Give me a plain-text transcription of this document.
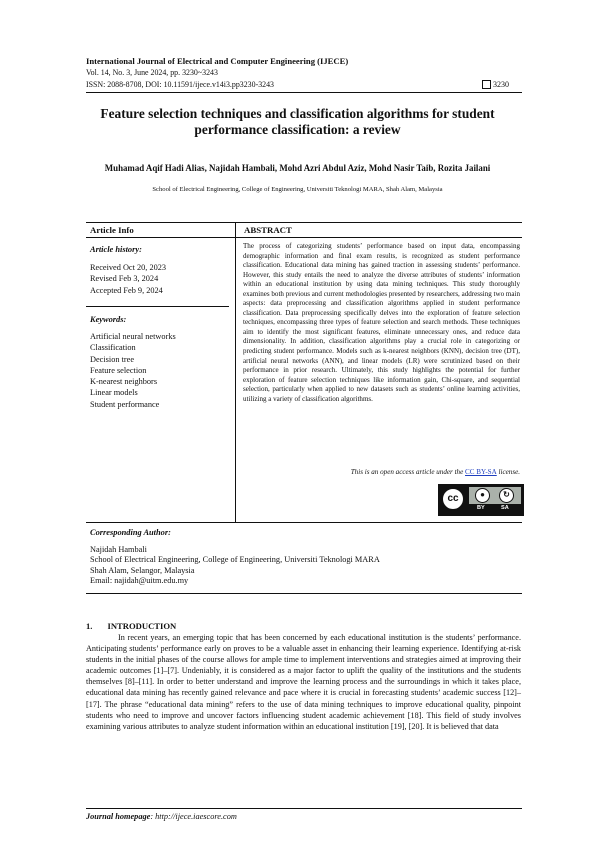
International Journal of Electrical and Computer Engineering (IJECE)
Vol. 14, No. 3, June 2024, pp. 3230~3243
ISSN: 2088-8708, DOI: 10.11591/ijece.v14i3.pp3230-3243	3230
Feature selection techniques and classification algorithms for student performance classification: a review
Muhamad Aqif Hadi Alias, Najidah Hambali, Mohd Azri Abdul Aziz, Mohd Nasir Taib, Rozita Jailani
School of Electrical Engineering, College of Engineering, Universiti Teknologi MARA, Shah Alam, Malaysia
Article Info	ABSTRACT
Article history:
Received Oct 20, 2023
Revised Feb 3, 2024
Accepted Feb 9, 2024
Keywords:
Artificial neural networks
Classification
Decision tree
Feature selection
K-nearest neighbors
Linear models
Student performance

The process of categorizing students’ performance based on input data, encompassing demographic information and final exam results, is recognized as student performance classification. Educational data mining has gained traction in assessing students’ performance. However, this study entails the need to analyze the diverse attributes of students’ information within an educational institution by using data mining techniques. This study thoroughly examines both previous and current methodologies presented by researchers, addressing two main aspects: data preprocessing and classification algorithms applied in student performance classification. Data preprocessing specifically delves into the exploration of feature selection techniques, encompassing three types of feature selection and search methods. These techniques aim to identify the most significant features, eliminate unnecessary ones, and reduce data dimensionality. In addition, classification algorithms play a crucial role in categorizing or predicting student performance. Models such as k-nearest neighbors (KNN), decision tree (DT), artificial neural networks (ANN), and linear models (LR) were scrutinized based on their performance in prior research. Ultimately, this study highlights the potential for further exploration of feature selection techniques like information gain, Chi-square, and sequential selection, particularly when applied to new datasets such as students’ online learning activities, utilizing a variety of classification algorithms.

This is an open access article under the CC BY-SA license.
cc	●	↻
BY	SA
Corresponding Author:
Najidah Hambali
School of Electrical Engineering, College of Engineering, Universiti Teknologi MARA
Shah Alam, Selangor, Malaysia
Email: najidah@uitm.edu.my
1.       INTRODUCTION

In recent years, an emerging topic that has been concerned by each educational institution is the students’ performance. Anticipating students’ performance early on proves to be a valuable asset in enhancing their learning experience. Identifying at-risk students in the initial phases of the course allows for ample time to implement interventions and strategies aimed at improving their academic outcomes [1]–[7]. Undeniably, it is considered as a major factor to uplift the quality of the institutions and the students themselves [8]–[11]. In order to better understand and improve the learning process and the surroundings in which it takes place, educational data mining has recently gained relevance and pace where it is crucial in forecasting students’ academic success [12]–[17]. The phrase “educational data mining” refers to the use of data mining techniques to improve educational quality, pinpoint students who need to improve and uncover factors influencing student academic achievement [18]. This field of study involves examining various attributes to analyze student information within an educational institution [19], [20]. It is believed that data

Journal homepage: http://ijece.iaescore.com
